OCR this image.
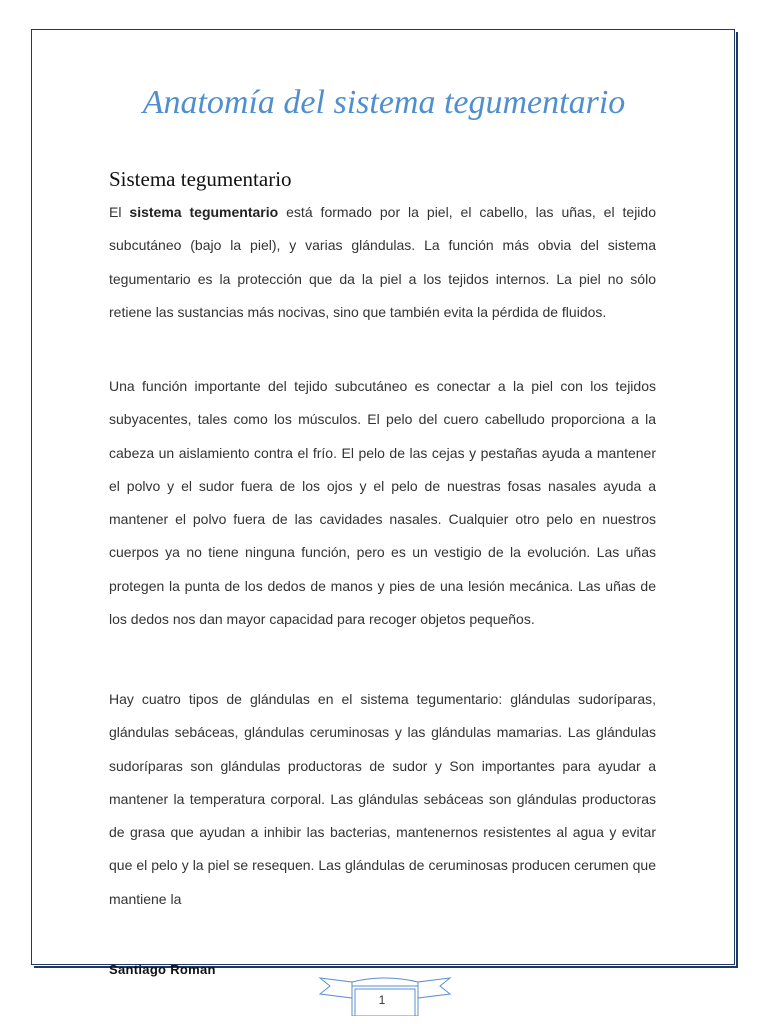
Anatomía del sistema tegumentario
Sistema tegumentario

El sistema tegumentario está formado por la piel, el cabello, las uñas, el tejido subcutáneo (bajo la piel), y varias glándulas. La función más obvia del sistema tegumentario es la protección que da la piel a los tejidos internos. La piel no sólo retiene las sustancias más nocivas, sino que también evita la pérdida de fluidos.

Una función importante del tejido subcutáneo es conectar a la piel con los tejidos subyacentes, tales como los músculos. El pelo del cuero cabelludo proporciona a la cabeza un aislamiento contra el frío. El pelo de las cejas y pestañas ayuda a mantener el polvo y el sudor fuera de los ojos y el pelo de nuestras fosas nasales ayuda a mantener el polvo fuera de las cavidades nasales. Cualquier otro pelo en nuestros cuerpos ya no tiene ninguna función, pero es un vestigio de la evolución. Las uñas protegen la punta de los dedos de manos y pies de una lesión mecánica. Las uñas de los dedos nos dan mayor capacidad para recoger objetos pequeños.

Hay cuatro tipos de glándulas en el sistema tegumentario: glándulas sudoríparas, glándulas sebáceas, glándulas ceruminosas y las glándulas mamarias. Las glándulas sudoríparas son glándulas productoras de sudor y Son importantes para ayudar a mantener la temperatura corporal. Las glándulas sebáceas son glándulas productoras de grasa que ayudan a inhibir las bacterias, mantenernos resistentes al agua y evitar que el pelo y la piel se resequen. Las glándulas de ceruminosas producen cerumen que mantiene la

Santiago Roman
1
